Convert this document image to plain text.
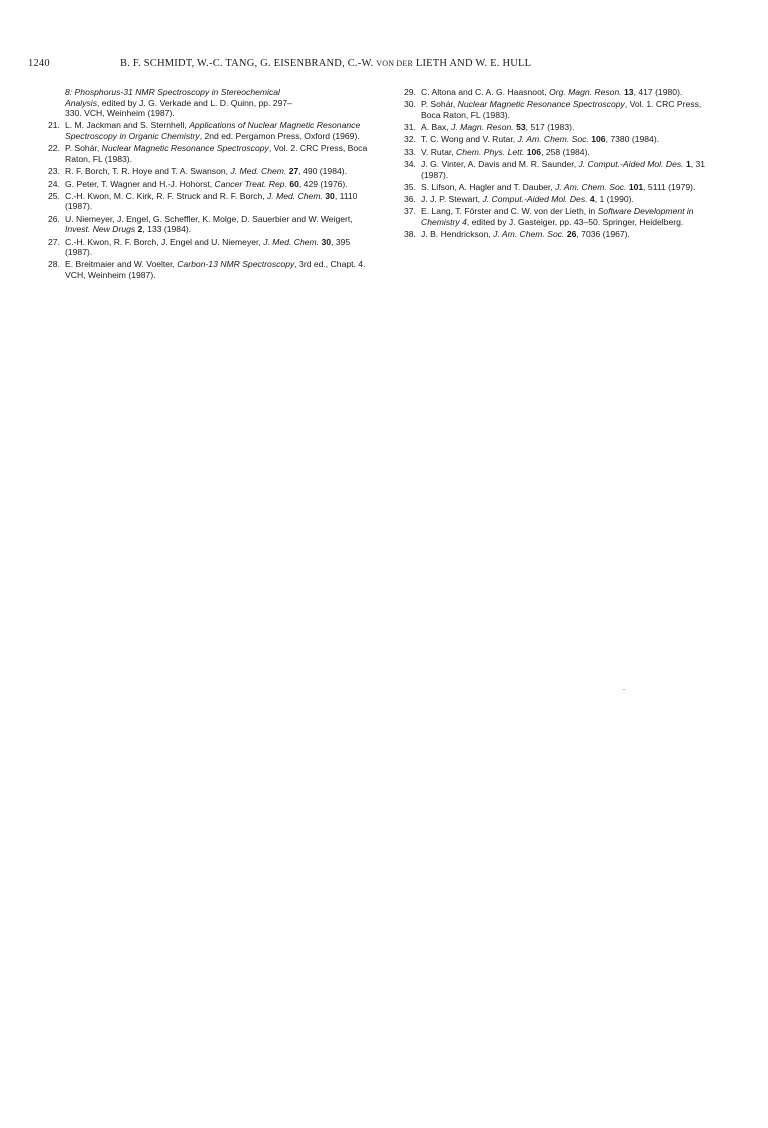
1240	B. F. SCHMIDT, W.-C. TANG, G. EISENBRAND, C.-W. VON DER LIETH AND W. E. HULL
8: Phosphorus-31 NMR Spectroscopy in Stereochemical
Analysis, edited by J. G. Verkade and L. D. Quinn, pp. 297–
330. VCH, Weinheim (1987).
21. L. M. Jackman and S. Sternhell, Applications of Nuclear Magnetic Resonance Spectroscopy in Organic Chemistry, 2nd ed. Pergamon Press, Oxford (1969).
22. P. Sohár, Nuclear Magnetic Resonance Spectroscopy, Vol. 2. CRC Press, Boca Raton, FL (1983).
23. R. F. Borch, T. R. Hoye and T. A. Swanson, J. Med. Chem. 27, 490 (1984).
24. G. Peter, T. Wagner and H.-J. Hohorst, Cancer Treat. Rep. 60, 429 (1976).
25. C.-H. Kwon, M. C. Kirk, R. F. Struck and R. F. Borch, J. Med. Chem. 30, 1110 (1987).
26. U. Niemeyer, J. Engel, G. Scheffler, K. Molge, D. Sauerbier and W. Weigert, Invest. New Drugs 2, 133 (1984).
27. C.-H. Kwon, R. F. Borch, J. Engel and U. Niemeyer, J. Med. Chem. 30, 395 (1987).
28. E. Breitmaier and W. Voelter, Carbon-13 NMR Spectroscopy, 3rd ed., Chapt. 4. VCH, Weinheim (1987).
29. C. Altona and C. A. G. Haasnoot, Org. Magn. Reson. 13, 417 (1980).
30. P. Sohár, Nuclear Magnetic Resonance Spectroscopy, Vol. 1. CRC Press, Boca Raton, FL (1983).
31. A. Bax, J. Magn. Reson. 53, 517 (1983).
32. T. C. Wong and V. Rutar, J. Am. Chem. Soc. 106, 7380 (1984).
33. V. Rutar, Chem. Phys. Lett. 106, 258 (1984).
34. J. G. Vinter, A. Davis and M. R. Saunder, J. Comput.-Aided Mol. Des. 1, 31 (1987).
35. S. Lifson, A. Hagler and T. Dauber, J. Am. Chem. Soc. 101, 5111 (1979).
36. J. J. P. Stewart, J. Comput.-Aided Mol. Des. 4, 1 (1990).
37. E. Lang, T. Förster and C. W. von der Lieth, in Software Development in Chemistry 4, edited by J. Gasteiger, pp. 43–50. Springer, Heidelberg.
38. J. B. Hendrickson, J. Am. Chem. Soc. 26, 7036 (1967).
